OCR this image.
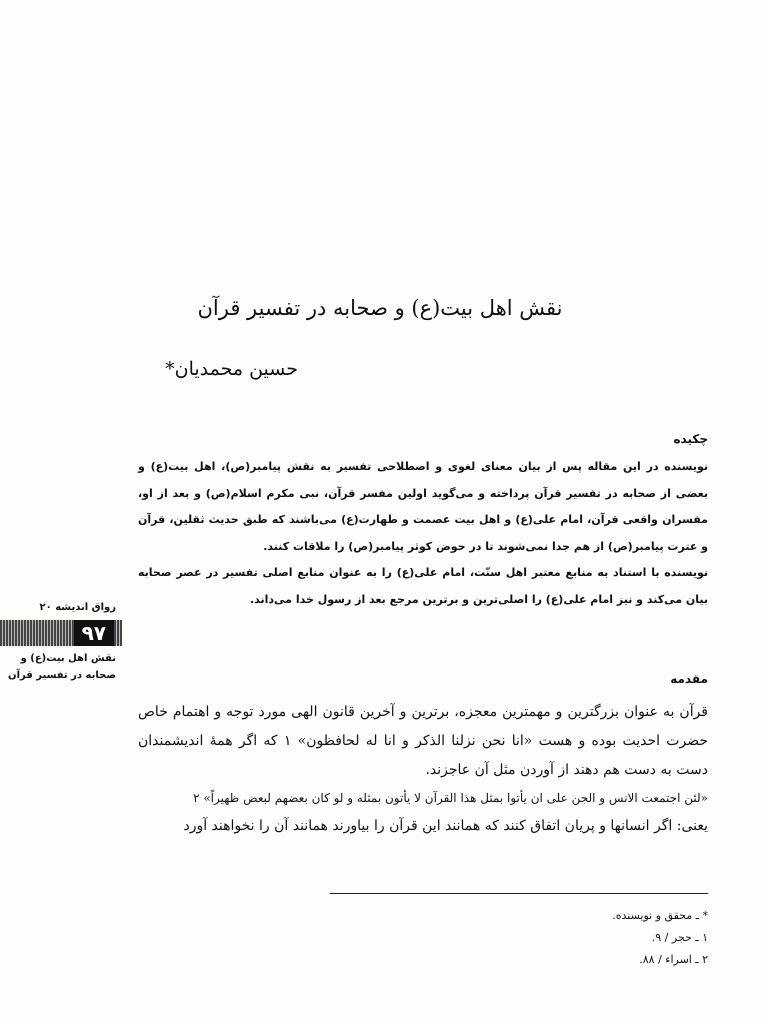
نقش اهل بیت(ع) و صحابه در تفسیر قرآن
حسین محمدیان*
چکیده

نویسنده در این مقاله پس از بیان معنای لغوی و اصطلاحی تفسیر به نقش پیامبر(ص)، اهل بیت(ع) و بعضی از صحابه در تفسیر قرآن پرداخته و می‌گوید اولین مفسر قرآن، نبی مکرم اسلام(ص) و بعد از او، مفسران واقعی قرآن، امام علی(ع) و اهل بیت عصمت و طهارت(ع) می‌باشند که طبق حدیث ثقلین، قرآن و عترت پیامبر(ص) از هم جدا نمی‌شوند تا در حوض کوثر پیامبر(ص) را ملاقات کنند.

نویسنده با استناد به منابع معتبر اهل سنّت، امام علی(ع) را به عنوان منابع اصلی تفسیر در عصر صحابه بیان می‌کند و نیز امام علی(ع) را اصلی‌ترین و برترین مرجع بعد از رسول خدا می‌داند.

رواق اندیشه ۲۰
۹۷
نقش اهل بیت(ع) و
صحابه در تفسیر قرآن	مقدمه

قرآن به عنوان بزرگترین و مهمترین معجزه، برترین و آخرین قانون الهی مورد توجه و اهتمام خاص حضرت احدیت بوده و هست «انا نحن نزلنا الذکر و انا له لحافظون» ۱ که اگر همهٔ اندیشمندان دست به دست هم دهند از آوردن مثل آن عاجزند.

«لئن اجتمعت الانس و الجن علی ان یأتوا بمثل هذا القرآن لا یأتون بمثله و لو کان بعضهم لبعض ظهیراً» ۲

یعنی: اگر انسانها و پریان اتفاق کنند که همانند این قرآن را بیاورند همانند آن را نخواهند آورد

* ـ محقق و نویسنده.
۱ ـ حجر / ۹.
۲ ـ اسراء / ۸۸.
